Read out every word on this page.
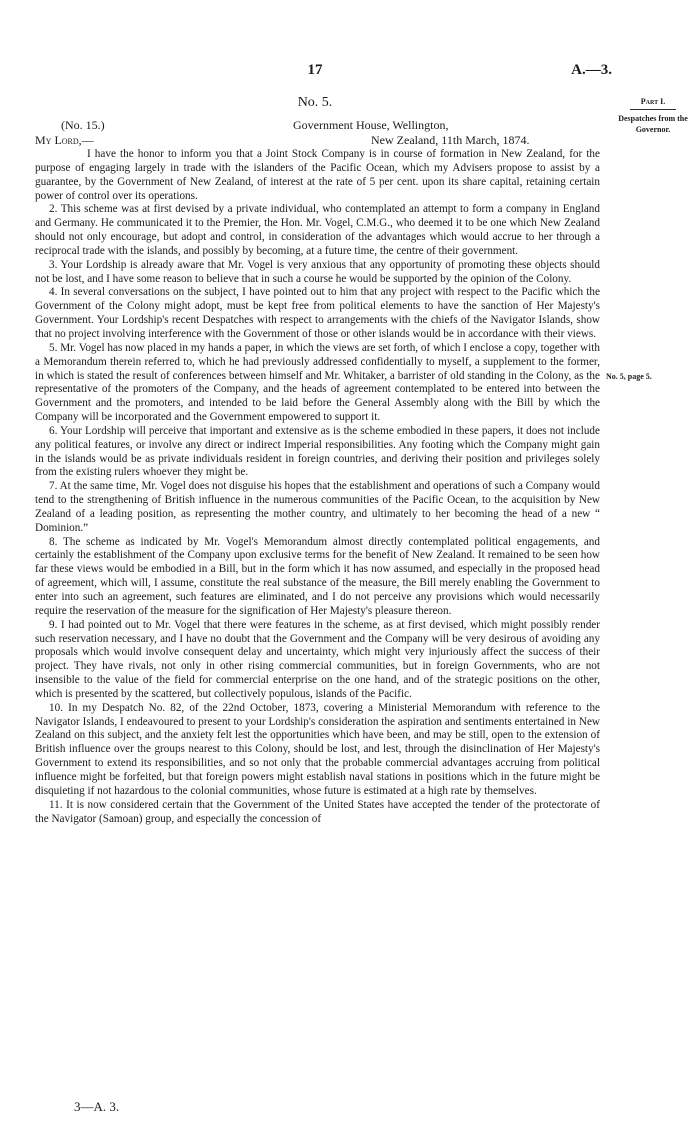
17	A.—3.
No. 5.	Part I.
Despatches from the Governor.
(No. 15.)	Government House, Wellington,
My Lord,—	New Zealand, 11th March, 1874.
No. 5, page 5.

I have the honor to inform you that a Joint Stock Company is in course of formation in New Zealand, for the purpose of engaging largely in trade with the islanders of the Pacific Ocean, which my Advisers propose to assist by a guarantee, by the Government of New Zealand, of interest at the rate of 5 per cent. upon its share capital, retaining certain power of control over its operations.

2. This scheme was at first devised by a private individual, who contemplated an attempt to form a company in England and Germany. He communicated it to the Premier, the Hon. Mr. Vogel, C.M.G., who deemed it to be one which New Zealand should not only encourage, but adopt and control, in consideration of the advantages which would accrue to her through a reciprocal trade with the islands, and possibly by becoming, at a future time, the centre of their government.

3. Your Lordship is already aware that Mr. Vogel is very anxious that any opportunity of promoting these objects should not be lost, and I have some reason to believe that in such a course he would be supported by the opinion of the Colony.

4. In several conversations on the subject, I have pointed out to him that any project with respect to the Pacific which the Government of the Colony might adopt, must be kept free from political elements to have the sanction of Her Majesty's Government. Your Lordship's recent Despatches with respect to arrangements with the chiefs of the Navigator Islands, show that no project involving interference with the Government of those or other islands would be in accordance with their views.

5. Mr. Vogel has now placed in my hands a paper, in which the views are set forth, of which I enclose a copy, together with a Memorandum therein referred to, which he had previously addressed confidentially to myself, a supplement to the former, in which is stated the result of conferences between himself and Mr. Whitaker, a barrister of old standing in the Colony, as the representative of the promoters of the Company, and the heads of agreement contemplated to be entered into between the Government and the promoters, and intended to be laid before the General Assembly along with the Bill by which the Company will be incorporated and the Government empowered to support it.

6. Your Lordship will perceive that important and extensive as is the scheme embodied in these papers, it does not include any political features, or involve any direct or indirect Imperial responsibilities. Any footing which the Company might gain in the islands would be as private individuals resident in foreign countries, and deriving their position and privileges solely from the existing rulers whoever they might be.

7. At the same time, Mr. Vogel does not disguise his hopes that the establishment and operations of such a Company would tend to the strengthening of British influence in the numerous communities of the Pacific Ocean, to the acquisition by New Zealand of a leading position, as representing the mother country, and ultimately to her becoming the head of a new “ Dominion.”

8. The scheme as indicated by Mr. Vogel's Memorandum almost directly contemplated political engagements, and certainly the establishment of the Company upon exclusive terms for the benefit of New Zealand. It remained to be seen how far these views would be embodied in a Bill, but in the form which it has now assumed, and especially in the proposed head of agreement, which will, I assume, constitute the real substance of the measure, the Bill merely enabling the Government to enter into such an agreement, such features are eliminated, and I do not perceive any provisions which would necessarily require the reservation of the measure for the signification of Her Majesty's pleasure thereon.

9. I had pointed out to Mr. Vogel that there were features in the scheme, as at first devised, which might possibly render such reservation necessary, and I have no doubt that the Government and the Company will be very desirous of avoiding any proposals which would involve consequent delay and uncertainty, which might very injuriously affect the success of their project. They have rivals, not only in other rising commercial communities, but in foreign Governments, who are not insensible to the value of the field for commercial enterprise on the one hand, and of the strategic positions on the other, which is presented by the scattered, but collectively populous, islands of the Pacific.

10. In my Despatch No. 82, of the 22nd October, 1873, covering a Ministerial Memorandum with reference to the Navigator Islands, I endeavoured to present to your Lordship's consideration the aspiration and sentiments entertained in New Zealand on this subject, and the anxiety felt lest the opportunities which have been, and may be still, open to the extension of British influence over the groups nearest to this Colony, should be lost, and lest, through the disinclination of Her Majesty's Government to extend its responsibilities, and so not only that the probable commercial advantages accruing from political influence might be forfeited, but that foreign powers might establish naval stations in positions which in the future might be disquieting if not hazardous to the colonial communities, whose future is estimated at a high rate by themselves.

11. It is now considered certain that the Government of the United States have accepted the tender of the protectorate of the Navigator (Samoan) group, and especially the concession of

3—A. 3.
